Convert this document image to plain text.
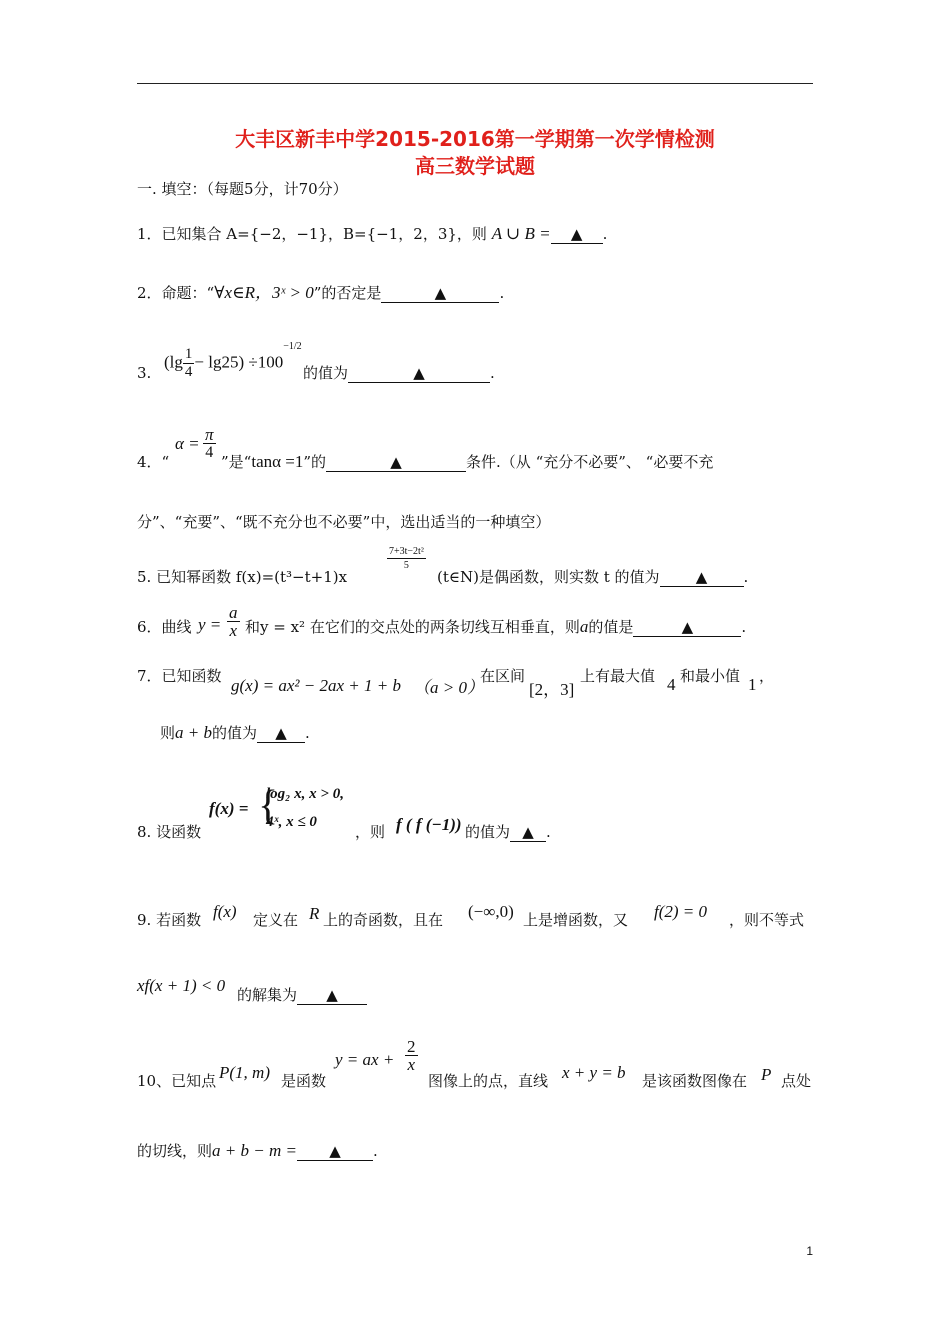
大丰区新丰中学2015-2016第一学期第一次学情检测
高三数学试题
一. 填空：（每题5分，计70分）
1．已知集合 A={−2，−1}，B={−1，2，3}，则 A ∪ B = ▲ .
2．命题：“∀x∈R，3ˣ > 0”的否定是	▲	.
3.
$(\lg \frac{1}{4} - \lg 25) \div 100^{-1/2}$
的值为	▲	.
4．“
$\alpha = \frac{\pi}{4}$
”是“tanα =1”的	▲	条件.（从 “充分不必要”、 “必要不充
分”、“充要”、“既不充分也不必要”中，选出适当的一种填空）
5. 已知幂函数 f(x)=(t³−t+1)x
$\frac{\text{7+3t−2t²}}{5}$
(t∈N)是偶函数，则实数 t 的值为 ▲ .
6．曲线 $y = \frac{a}{x}$ 和y = x² 在它们的交点处的两条切线互相垂直，则a的值是	▲	.
7．已知函数 g(x) = ax² − 2ax + 1 + b （a > 0）
在区间
[2，3]
上有最大值 4 和最小值 1 ，
则a + b的值为 ▲ .
8. 设函数
f(x) = {
log₂ x, x > 0,
4ˣ, x ≤ 0
，则 f ( f (−1)) 的值为 ▲ .
9. 若函数 f(x) 定义在 R 上的奇函数，且在 (−∞,0) 上是增函数，又 f(2) = 0 ，则不等式
xf(x + 1) < 0 的解集为 ▲
10、已知点 P(1, m) 是函数
y = ax + $\frac{2}{x}$
图像上的点，直线 x + y = b 是该函数图像在 P 点处
的切线，则a + b − m = ▲ .
1
